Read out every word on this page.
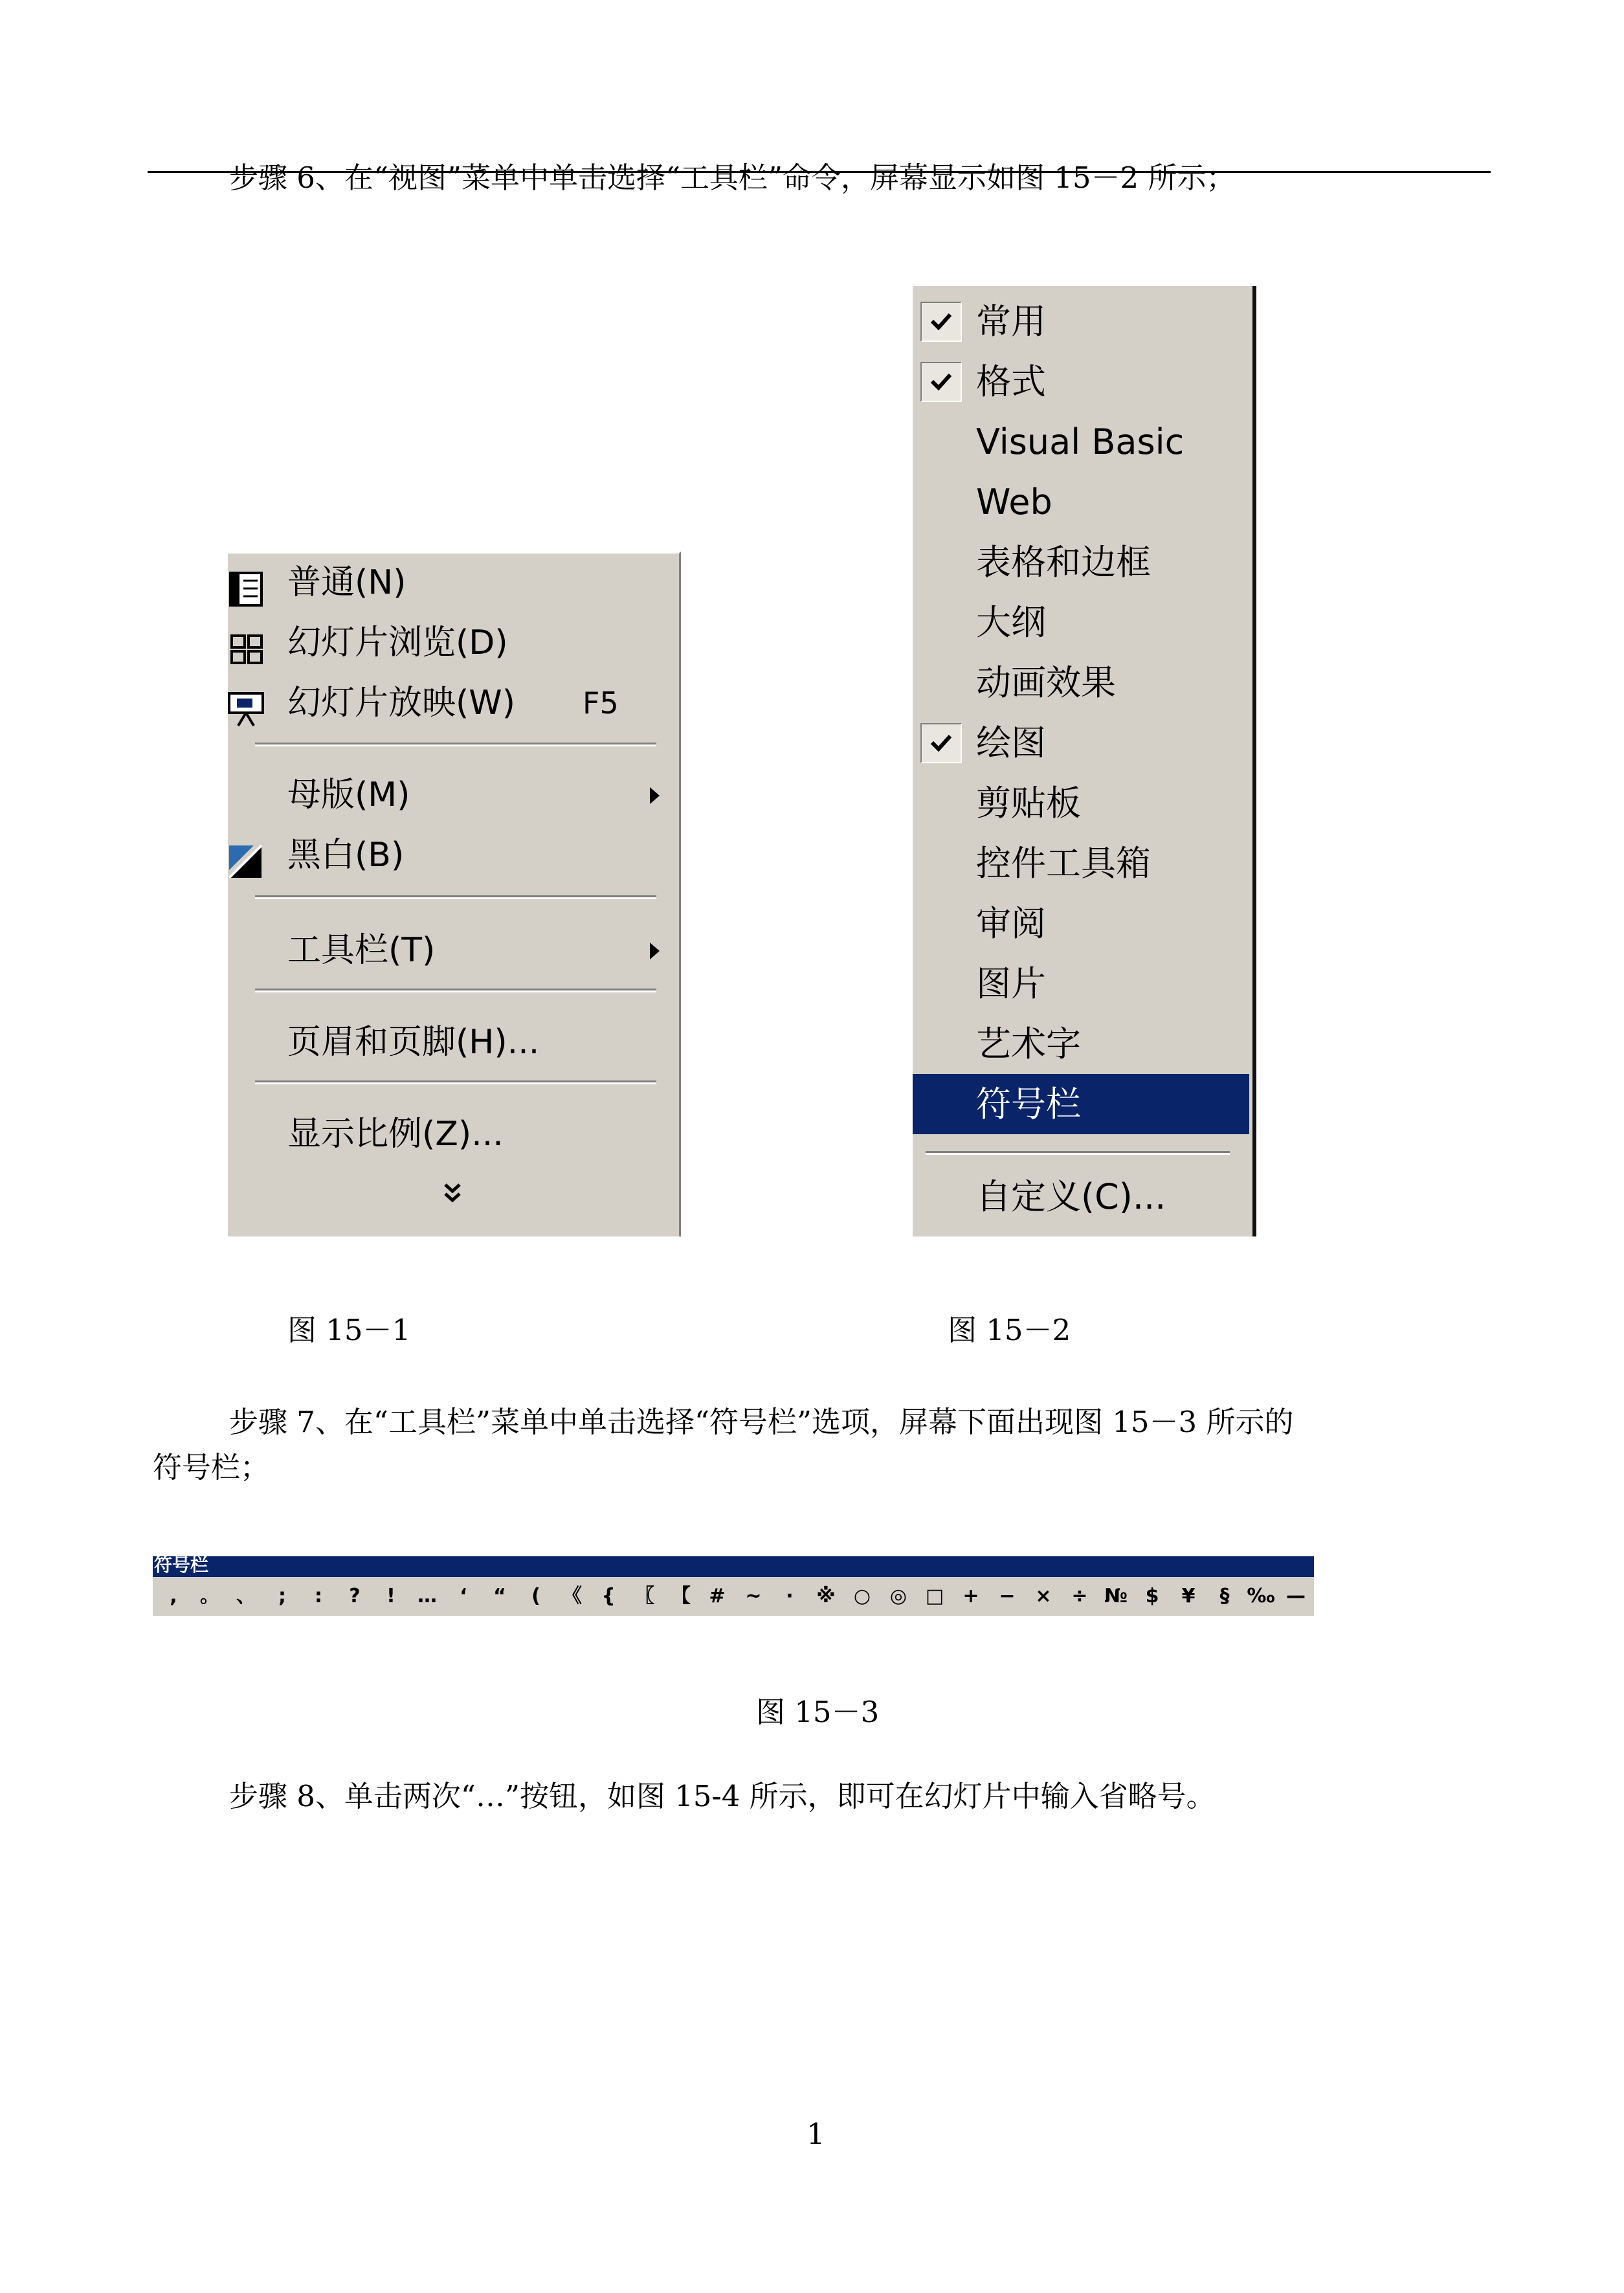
步骤 6、在“视图”菜单中单击选择“工具栏”命令，屏幕显示如图 15－2 所示；
普通(N)
幻灯片浏览(D)
幻灯片放映(W) F5
母版(M)
黑白(B)
工具栏(T)
页眉和页脚(H)...
显示比例(Z)...
常用
格式
Visual Basic
Web
表格和边框
大纲
动画效果
绘图
剪贴板
控件工具箱
审阅
图片
艺术字
符号栏
自定义(C)...
图 15－1	图 15－2
步骤 7、在“工具栏”菜单中单击选择“符号栏”选项，屏幕下面出现图 15－3 所示的
符号栏；
符号栏
,	。 、	;	:	?	!	…	‘	“	(	《	{	〖 【 #	~	·	※ ○ ◎ □ +	−	×	÷ № $	¥	§ ‰ —
图 15－3
步骤 8、单击两次“…”按钮，如图 15-4 所示，即可在幻灯片中输入省略号。
1
